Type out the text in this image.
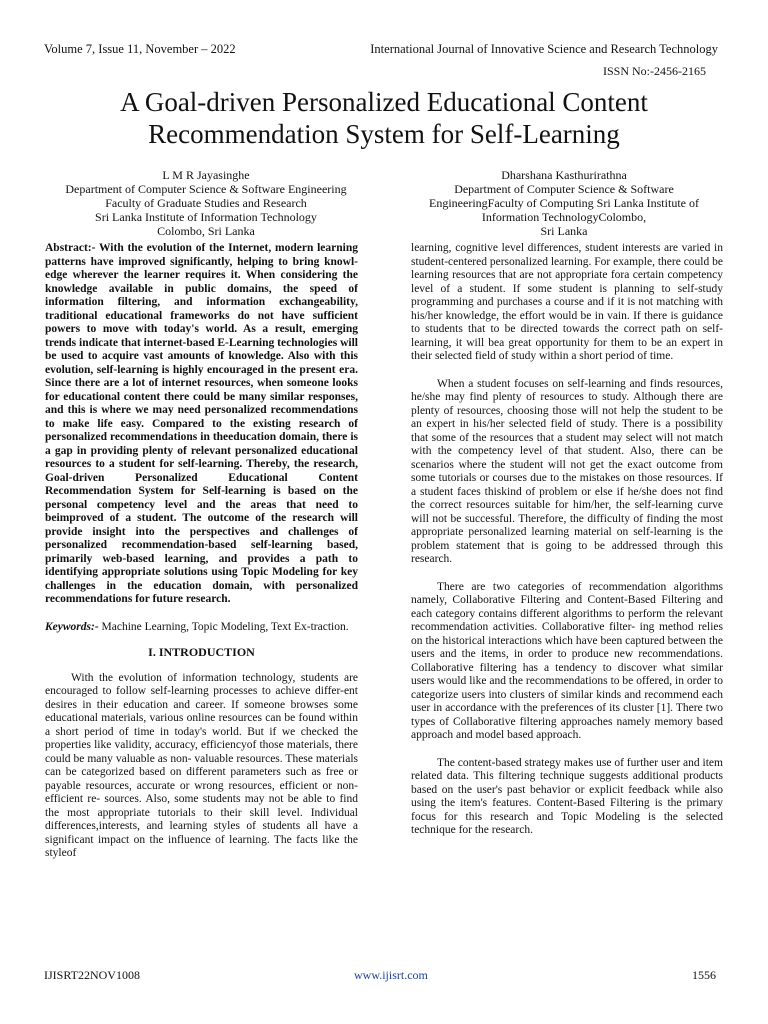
Volume 7, Issue 11, November – 2022	International Journal of Innovative Science and Research Technology
ISSN No:-2456-2165
A Goal-driven Personalized Educational Content Recommendation System for Self-Learning
L M R Jayasinghe
Department of Computer Science & Software Engineering
Faculty of Graduate Studies and Research
Sri Lanka Institute of Information Technology
Colombo, Sri Lanka
Dharshana Kasthurirathna
Department of Computer Science & Software
EngineeringFaculty of Computing Sri Lanka Institute of
Information TechnologyColombo,
Sri Lanka

Abstract:- With the evolution of the Internet, modern learning patterns have improved significantly, helping to bring knowl-edge wherever the learner requires it. When considering the knowledge available in public domains, the speed of information filtering, and information exchangeability, traditional educational frameworks do not have sufficient powers to move with today's world. As a result, emerging trends indicate that internet-based E-Learning technologies will be used to acquire vast amounts of knowledge. Also with this evolution, self-learning is highly encouraged in the present era. Since there are a lot of internet resources, when someone looks for educational content there could be many similar responses, and this is where we may need personalized recommendations to make life easy. Compared to the existing research of personalized recommendations in theeducation domain, there is a gap in providing plenty of relevant personalized educational resources to a student for self-learning. Thereby, the research, Goal-driven Personalized Educational Content Recommendation System for Self-learning is based on the personal competency level and the areas that need to beimproved of a student. The outcome of the research will provide insight into the perspectives and challenges of personalized recommendation-based self-learning based, primarily web-based learning, and provides a path to identifying appropriate solutions using Topic Modeling for key challenges in the education domain, with personalized recommendations for future research.

Keywords:- Machine Learning, Topic Modeling, Text Ex-traction.

I. INTRODUCTION

With the evolution of information technology, students are encouraged to follow self-learning processes to achieve differ-ent desires in their education and career. If someone browses some educational materials, various online resources can be found within a short period of time in today's world. But if we checked the properties like validity, accuracy, efficiencyof those materials, there could be many valuable as non- valuable resources. These materials can be categorized based on different parameters such as free or payable resources, accurate or wrong resources, efficient or non-efficient re- sources. Also, some students may not be able to find the most appropriate tutorials to their skill level. Individual differences,interests, and learning styles of students all have a significant impact on the influence of learning. The facts like the styleof

learning, cognitive level differences, student interests are varied in student-centered personalized learning. For example, there could be learning resources that are not appropriate fora certain competency level of a student. If some student is planning to self-study programming and purchases a course and if it is not matching with his/her knowledge, the effort would be in vain. If there is guidance to students that to be directed towards the correct path on self-learning, it will bea great opportunity for them to be an expert in their selected field of study within a short period of time.

When a student focuses on self-learning and finds resources, he/she may find plenty of resources to study. Although there are plenty of resources, choosing those will not help the student to be an expert in his/her selected field of study. There is a possibility that some of the resources that a student may select will not match with the competency level of that student. Also, there can be scenarios where the student will not get the exact outcome from some tutorials or courses due to the mistakes on those resources. If a student faces thiskind of problem or else if he/she does not find the correct resources suitable for him/her, the self-learning curve will not be successful. Therefore, the difficulty of finding the most appropriate personalized learning material on self-learning is the problem statement that is going to be addressed through this research.

There are two categories of recommendation algorithms namely, Collaborative Filtering and Content-Based Filtering and each category contains different algorithms to perform the relevant recommendation activities. Collaborative filter- ing method relies on the historical interactions which have been captured between the users and the items, in order to produce new recommendations. Collaborative filtering has a tendency to discover what similar users would like and the recommendations to be offered, in order to categorize users into clusters of similar kinds and recommend each user in accordance with the preferences of its cluster [1]. There two types of Collaborative filtering approaches namely memory based approach and model based approach.

The content-based strategy makes use of further user and item related data. This filtering technique suggests additional products based on the user's past behavior or explicit feedback while also using the item's features. Content-Based Filtering is the primary focus for this research and Topic Modeling is the selected technique for the research.

IJISRT22NOV1008	www.ijisrt.com	1556
